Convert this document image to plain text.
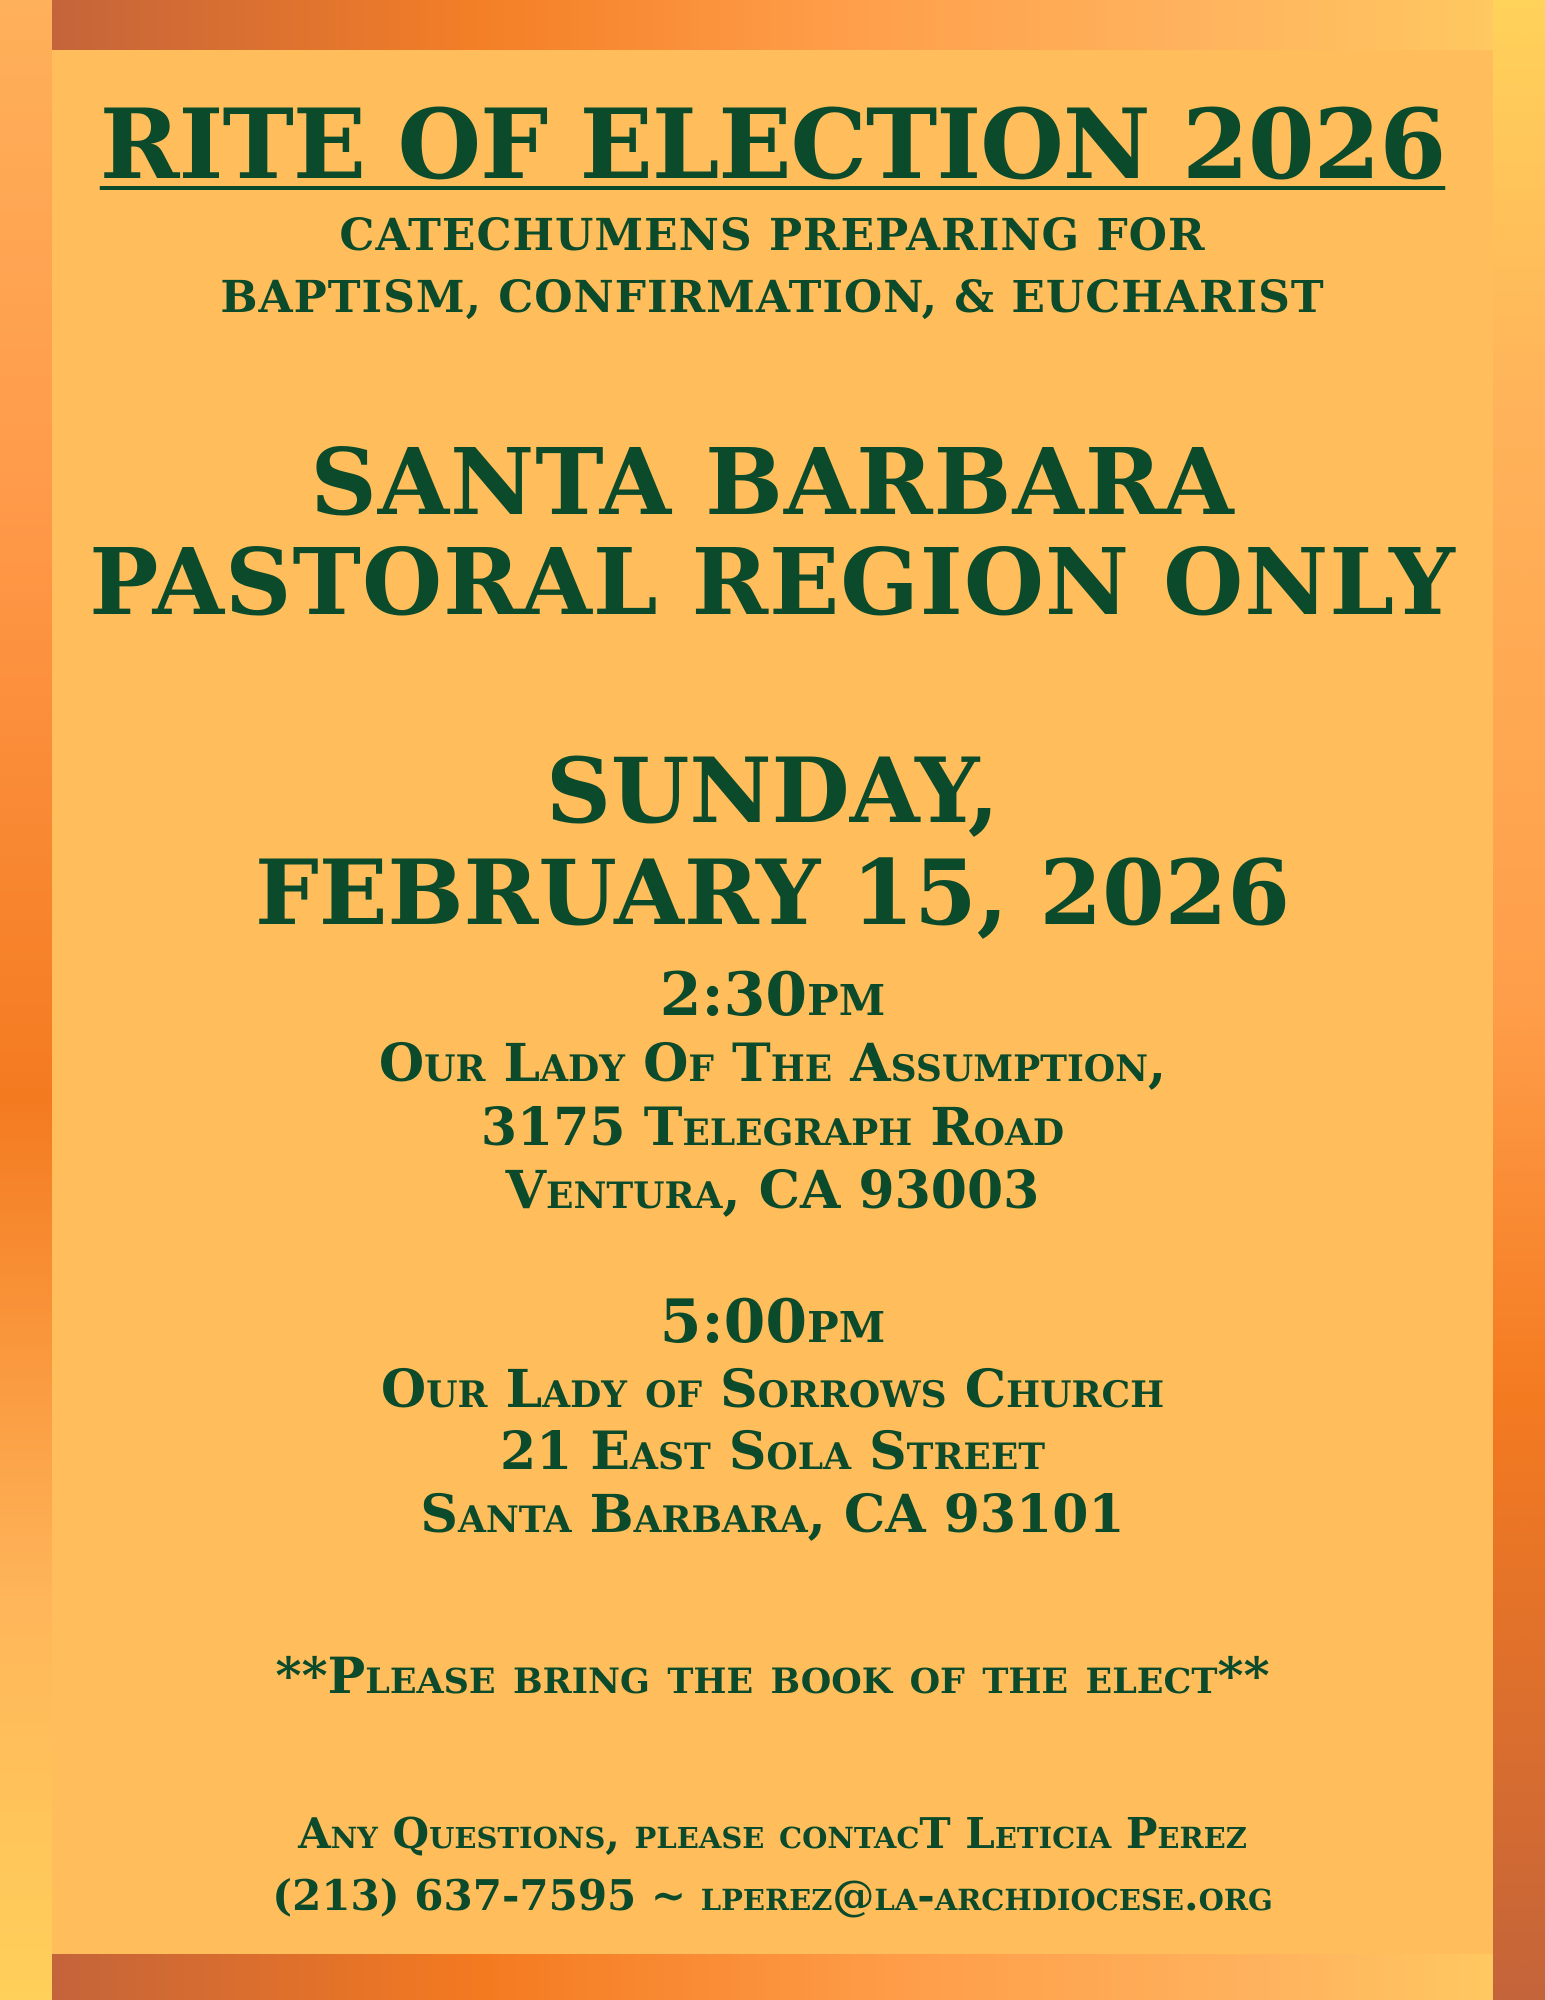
RITE OF ELECTION 2026

CATECHUMENS PREPARING FOR

BAPTISM, CONFIRMATION, & EUCHARIST

SANTA BARBARA

PASTORAL REGION ONLY

SUNDAY,

FEBRUARY 15, 2026

2:30pm

Our Lady Of The Assumption,

3175 Telegraph Road

Ventura, CA 93003

5:00pm

Our Lady of Sorrows Church

21 East Sola Street

Santa Barbara, CA 93101

**Please bring the book of the elect**

Any Questions, please contacT Leticia Perez

(213) 637-7595 ~ lperez@la-archdiocese.org
